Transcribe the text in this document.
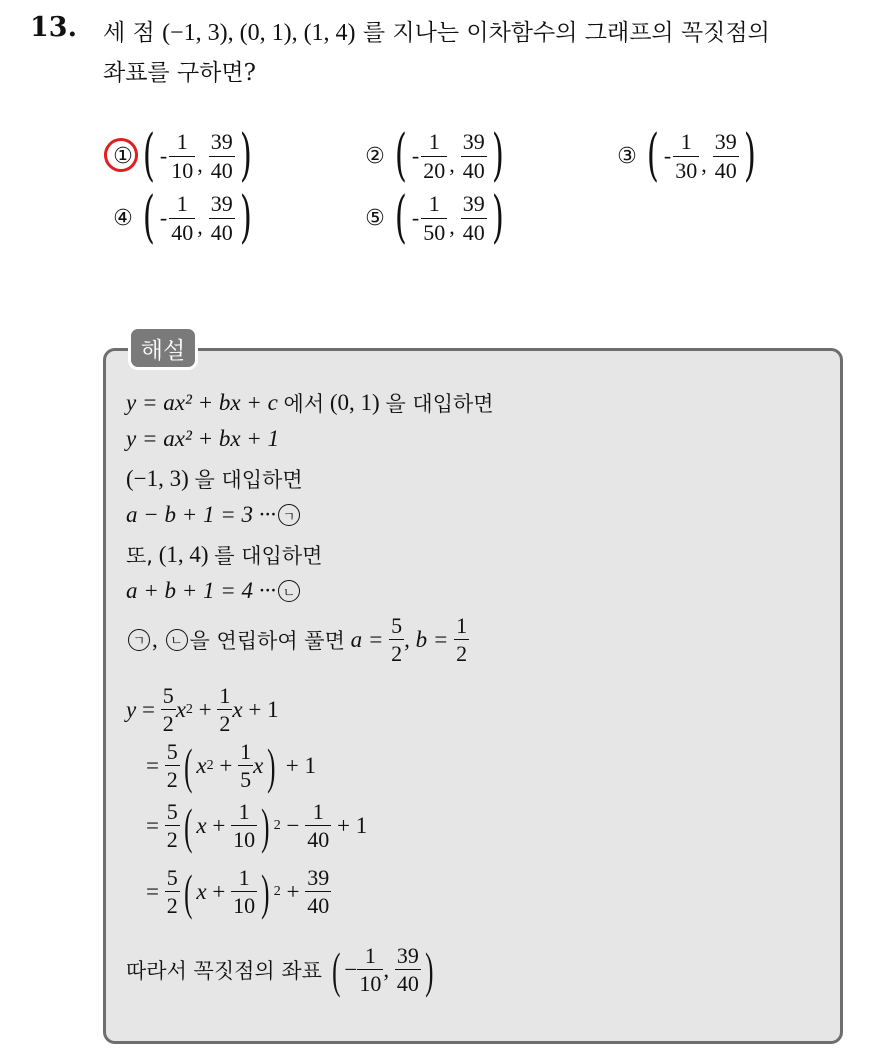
13. 세 점 (−1, 3), (0, 1), (1, 4) 를 지나는 이차함수의 그래프의 꼭짓점의
좌표를 구하면?
① ( - $\frac{1}{10}$ , $\frac{39}{40}$ )	② ( - $\frac{1}{20}$ , $\frac{39}{40}$ )	③ ( - $\frac{1}{30}$ , $\frac{39}{40}$ )
④ ( - $\frac{1}{40}$ , $\frac{39}{40}$ )	⑤ ( - $\frac{1}{50}$ , $\frac{39}{40}$ )
해설
y = ax² + bx + c
에서
(0, 1)
을 대입하면
y = ax² + bx + 1
(−1, 3)
을 대입하면
a − b + 1 = 3 ··· ㄱ
또,
(1, 4)
를 대입하면
a + b + 1 = 4 ··· ㄴ
ㄱ , ㄴ 을 연립하여 풀면
a =
$\frac{5}{2}$ , b =
$\frac{1}{2}$
$y = \frac{5}{2}$ x $2 + \frac{1}{2}$ x
+ 1
= $\frac{5}{2}$ ( x $2 + \frac{1}{5}$ x )
+ 1
= $\frac{5}{2}$ ( $x + \frac{1}{10}$ ) $2 - \frac{1}{40}$
+ 1
= $\frac{5}{2}$ ( $x + \frac{1}{10}$ ) $2 + \frac{39}{40}$
따라서 꼭짓점의 좌표
( − $\frac{1}{10}$ , $\frac{39}{40}$ )
